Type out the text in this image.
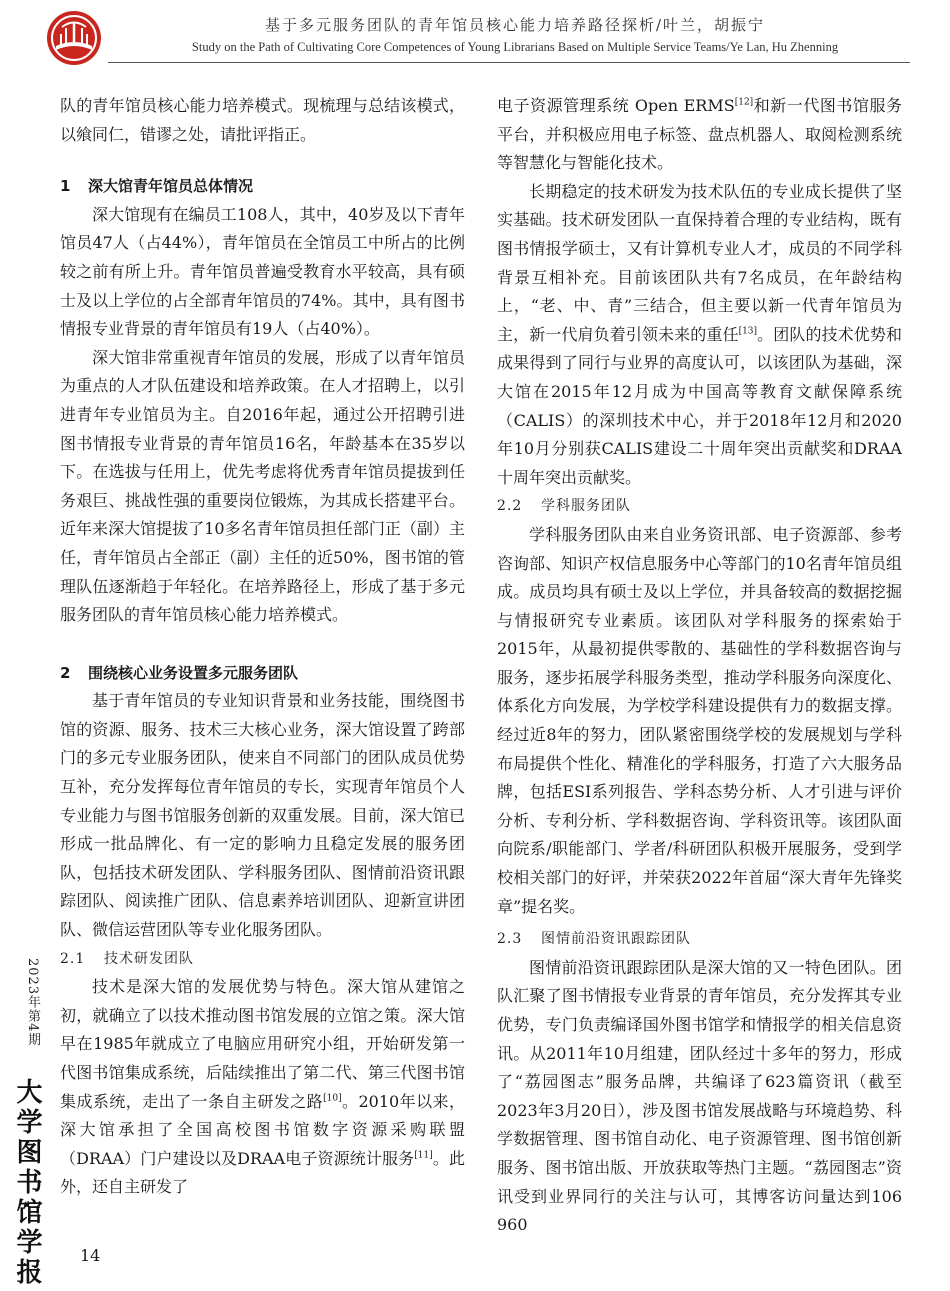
基于多元服务团队的青年馆员核心能力培养路径探析/叶兰，胡振宁
Study on the Path of Cultivating Core Competences of Young Librarians Based on Multiple Service Teams/Ye Lan, Hu Zhenning

队的青年馆员核心能力培养模式。现梳理与总结该模式，以飨同仁，错谬之处，请批评指正。

1 深大馆青年馆员总体情况

深大馆现有在编员工108人，其中，40岁及以下青年馆员47人（占44%），青年馆员在全馆员工中所占的比例较之前有所上升。青年馆员普遍受教育水平较高，具有硕士及以上学位的占全部青年馆员的74%。其中，具有图书情报专业背景的青年馆员有19人（占40%）。

深大馆非常重视青年馆员的发展，形成了以青年馆员为重点的人才队伍建设和培养政策。在人才招聘上，以引进青年专业馆员为主。自2016年起，通过公开招聘引进图书情报专业背景的青年馆员16名，年龄基本在35岁以下。在选拔与任用上，优先考虑将优秀青年馆员提拔到任务艰巨、挑战性强的重要岗位锻炼，为其成长搭建平台。近年来深大馆提拔了10多名青年馆员担任部门正（副）主任，青年馆员占全部正（副）主任的近50%，图书馆的管理队伍逐渐趋于年轻化。在培养路径上，形成了基于多元服务团队的青年馆员核心能力培养模式。

2 围绕核心业务设置多元服务团队

基于青年馆员的专业知识背景和业务技能，围绕图书馆的资源、服务、技术三大核心业务，深大馆设置了跨部门的多元专业服务团队，使来自不同部门的团队成员优势互补，充分发挥每位青年馆员的专长，实现青年馆员个人专业能力与图书馆服务创新的双重发展。目前，深大馆已形成一批品牌化、有一定的影响力且稳定发展的服务团队，包括技术研发团队、学科服务团队、图情前沿资讯跟踪团队、阅读推广团队、信息素养培训团队、迎新宣讲团队、微信运营团队等专业化服务团队。

2.1 技术研发团队

技术是深大馆的发展优势与特色。深大馆从建馆之初，就确立了以技术推动图书馆发展的立馆之策。深大馆早在1985年就成立了电脑应用研究小组，开始研发第一代图书馆集成系统，后陆续推出了第二代、第三代图书馆集成系统，走出了一条自主研发之路[10]。2010年以来，深大馆承担了全国高校图书馆数字资源采购联盟（DRAA）门户建设以及DRAA电子资源统计服务[11]。此外，还自主研发了

电子资源管理系统 Open ERMS[12]和新一代图书馆服务平台，并积极应用电子标签、盘点机器人、取阅检测系统等智慧化与智能化技术。

长期稳定的技术研发为技术队伍的专业成长提供了坚实基础。技术研发团队一直保持着合理的专业结构，既有图书情报学硕士，又有计算机专业人才，成员的不同学科背景互相补充。目前该团队共有7名成员，在年龄结构上，“老、中、青”三结合，但主要以新一代青年馆员为主，新一代肩负着引领未来的重任[13]。团队的技术优势和成果得到了同行与业界的高度认可，以该团队为基础，深大馆在2015年12月成为中国高等教育文献保障系统（CALIS）的深圳技术中心，并于2018年12月和2020年10月分别获CALIS建设二十周年突出贡献奖和DRAA十周年突出贡献奖。

2.2 学科服务团队

学科服务团队由来自业务资讯部、电子资源部、参考咨询部、知识产权信息服务中心等部门的10名青年馆员组成。成员均具有硕士及以上学位，并具备较高的数据挖掘与情报研究专业素质。该团队对学科服务的探索始于2015年，从最初提供零散的、基础性的学科数据咨询与服务，逐步拓展学科服务类型，推动学科服务向深度化、体系化方向发展，为学校学科建设提供有力的数据支撑。经过近8年的努力，团队紧密围绕学校的发展规划与学科布局提供个性化、精准化的学科服务，打造了六大服务品牌，包括ESI系列报告、学科态势分析、人才引进与评价分析、专利分析、学科数据咨询、学科资讯等。该团队面向院系/职能部门、学者/科研团队积极开展服务，受到学校相关部门的好评，并荣获2022年首届“深大青年先锋奖章”提名奖。

2.3 图情前沿资讯跟踪团队

图情前沿资讯跟踪团队是深大馆的又一特色团队。团队汇聚了图书情报专业背景的青年馆员，充分发挥其专业优势，专门负责编译国外图书馆学和情报学的相关信息资讯。从2011年10月组建，团队经过十多年的努力，形成了“荔园图志”服务品牌，共编译了623篇资讯（截至2023年3月20日），涉及图书馆发展战略与环境趋势、科学数据管理、图书馆自动化、电子资源管理、图书馆创新服务、图书馆出版、开放获取等热门主题。“荔园图志”资讯受到业界同行的关注与认可，其博客访问量达到106 960

2023年第4期
大学图书馆学报 14
